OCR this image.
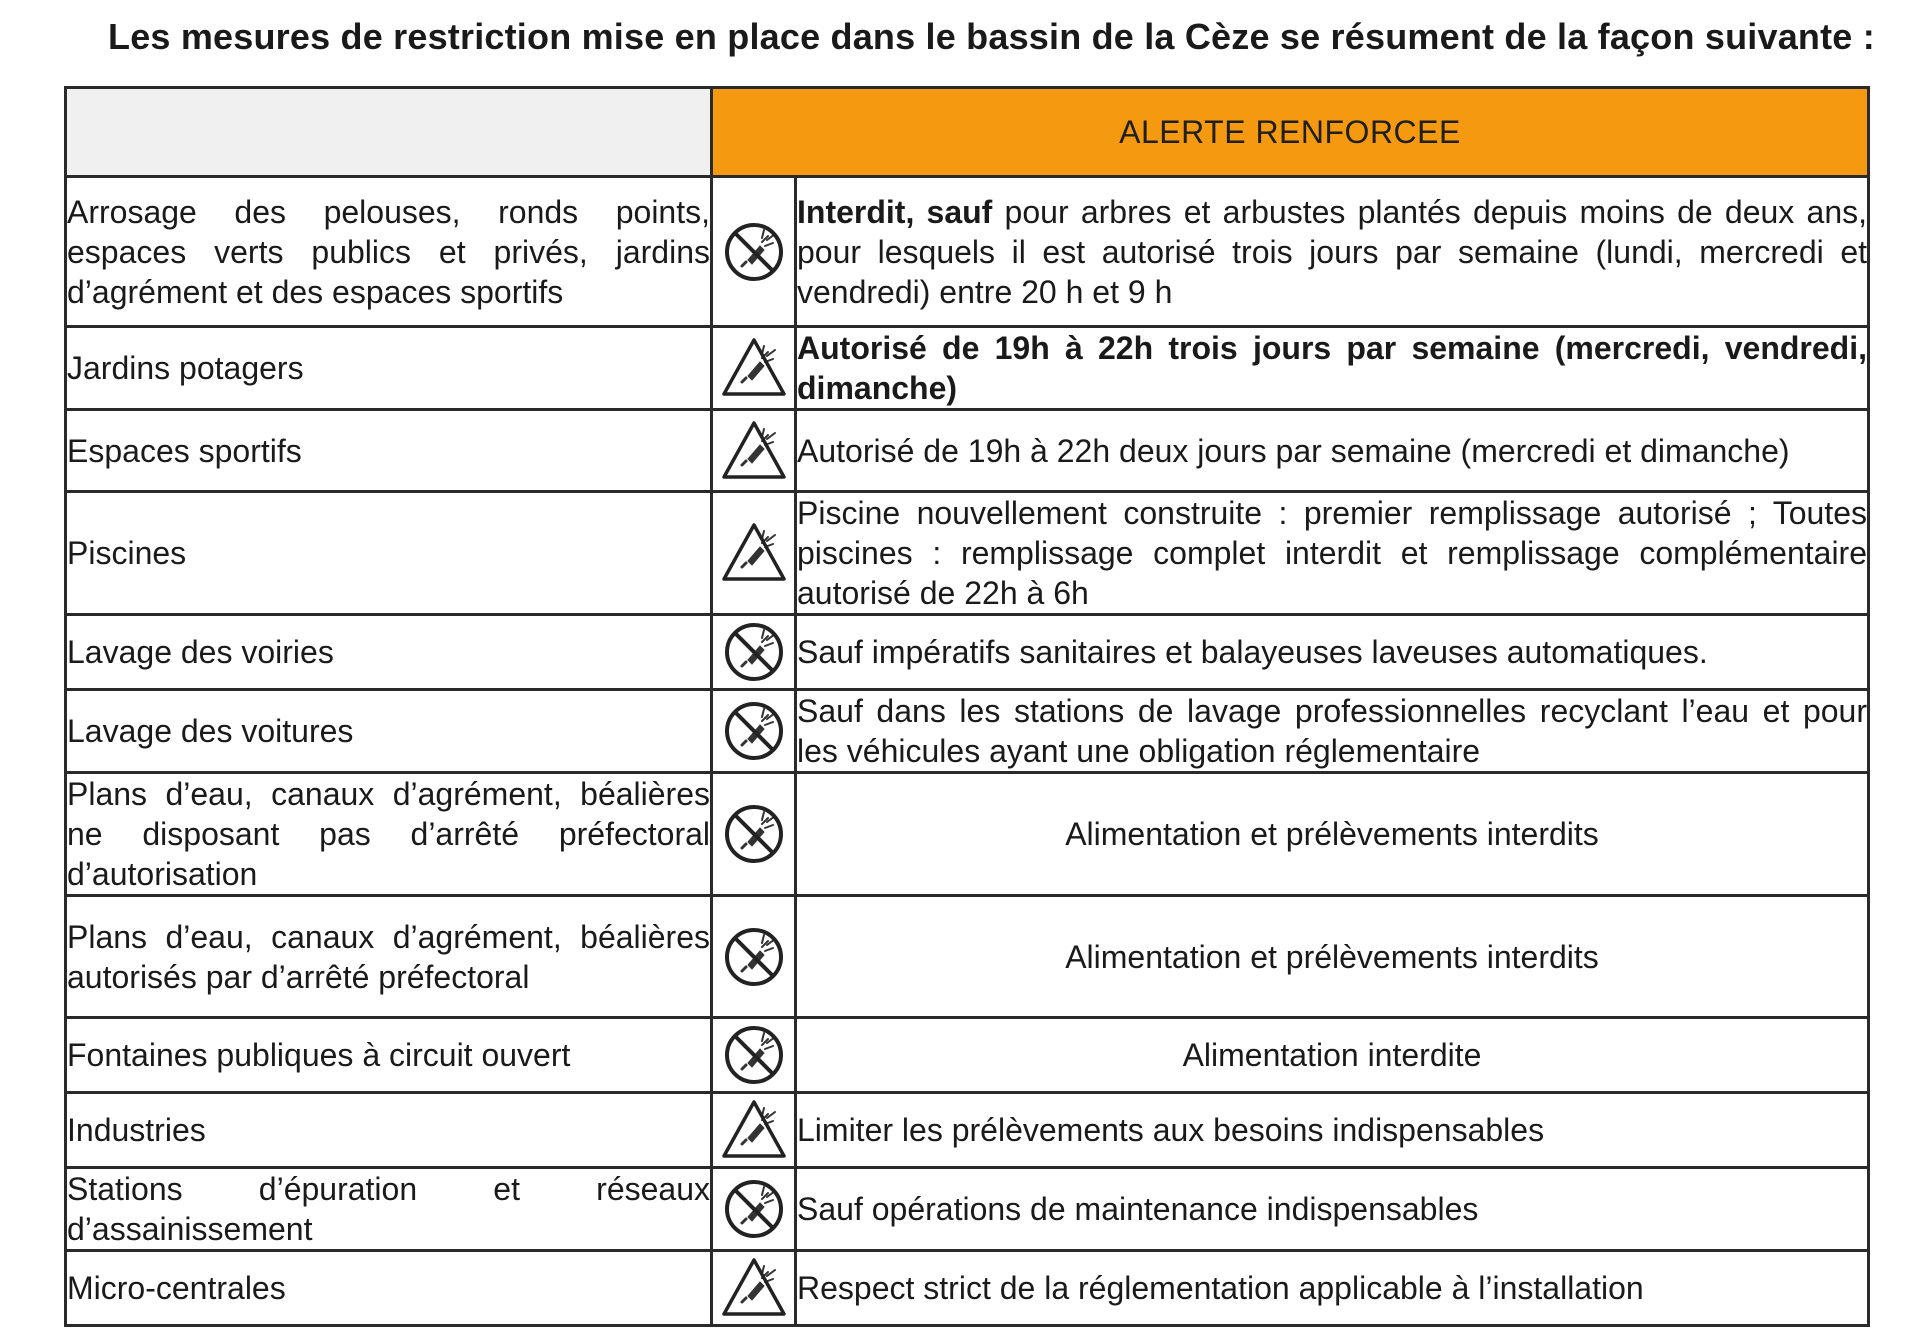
Les mesures de restriction mise en place dans le bassin de la Cèze se résument de la façon suivante :
	ALERTE RENFORCEE	
Arrosage des pelouses, ronds points, espaces verts publics et privés, jardins d’agrément et des espaces sportifs		Interdit, sauf pour arbres et arbustes plantés depuis moins de deux ans, pour lesquels il est autorisé trois jours par semaine (lundi, mercredi et vendredi) entre 20 h et 9 h
Jardins potagers		Autorisé de 19h à 22h trois jours par semaine (mercredi, vendredi, dimanche)
Espaces sportifs		Autorisé de 19h à 22h deux jours par semaine (mercredi et dimanche)
Piscines		Piscine nouvellement construite : premier remplissage autorisé ; Toutes piscines : remplissage complet interdit et remplissage complémentaire autorisé de 22h à 6h
Lavage des voiries		Sauf impératifs sanitaires et balayeuses laveuses automatiques.
Lavage des voitures		Sauf dans les stations de lavage professionnelles recyclant l’eau et pour les véhicules ayant une obligation réglementaire
Plans d’eau, canaux d’agrément, béalières ne disposant pas d’arrêté préfectoral d’autorisation		Alimentation et prélèvements interdits
Plans d’eau, canaux d’agrément, béalières autorisés par d’arrêté préfectoral		Alimentation et prélèvements interdits
Fontaines publiques à circuit ouvert		Alimentation interdite
Industries		Limiter les prélèvements aux besoins indispensables
Stations d’épuration et réseaux d’assainissement		Sauf opérations de maintenance indispensables
Micro-centrales		Respect strict de la réglementation applicable à l’installation
